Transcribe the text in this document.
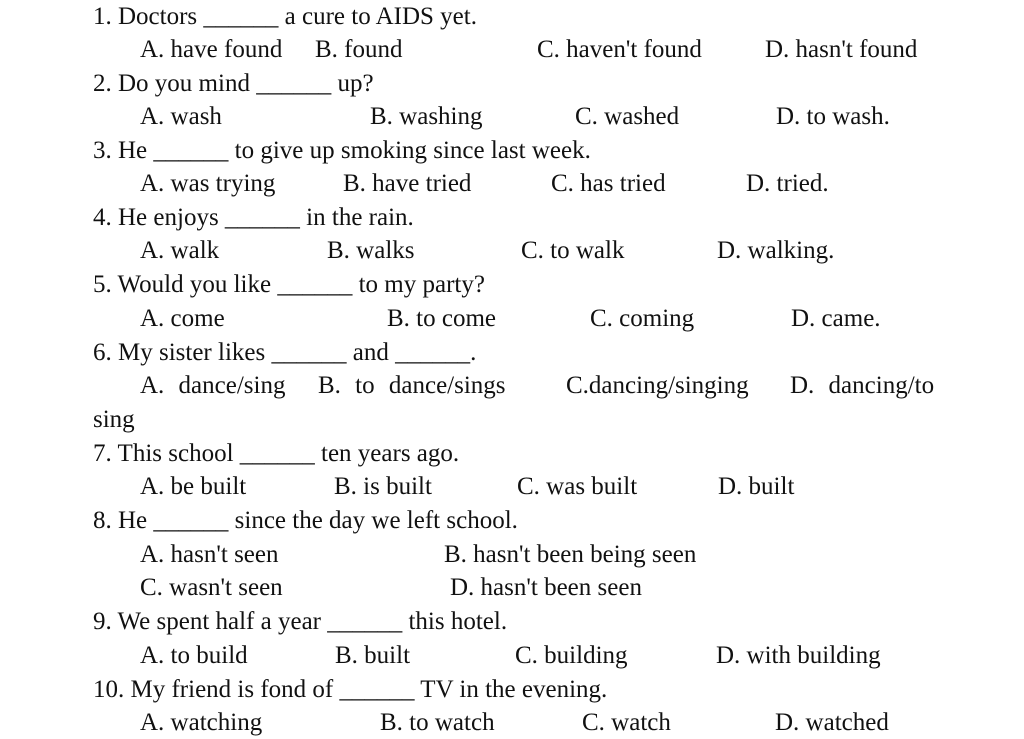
1. Doctors ______ a cure to AIDS yet.
A. have found B. found	C. haven't found	D. hasn't found
2. Do you mind ______ up?
A. wash	B. washing	C. washed	D. to wash.
3. He ______ to give up smoking since last week.
A. was trying	B. have tried	C. has tried	D. tried.
4. He enjoys ______ in the rain.
A. walk	B. walks	C. to walk	D. walking.
5. Would you like ______ to my party?
A. come	B. to come	C. coming	D. came.
6. My sister likes ______ and ______.
A. dance/sing B. to dance/sings C.dancing/singing D. dancing/to
sing
7. This school ______ ten years ago.
A. be built	B. is built	C. was built	D. built
8. He ______ since the day we left school.
A. hasn't seen	B. hasn't been being seen
C. wasn't seen	D. hasn't been seen
9. We spent half a year ______ this hotel.
A. to build	B. built	C. building	D. with building
10. My friend is fond of ______ TV in the evening.
A. watching	B. to watch	C. watch	D. watched
